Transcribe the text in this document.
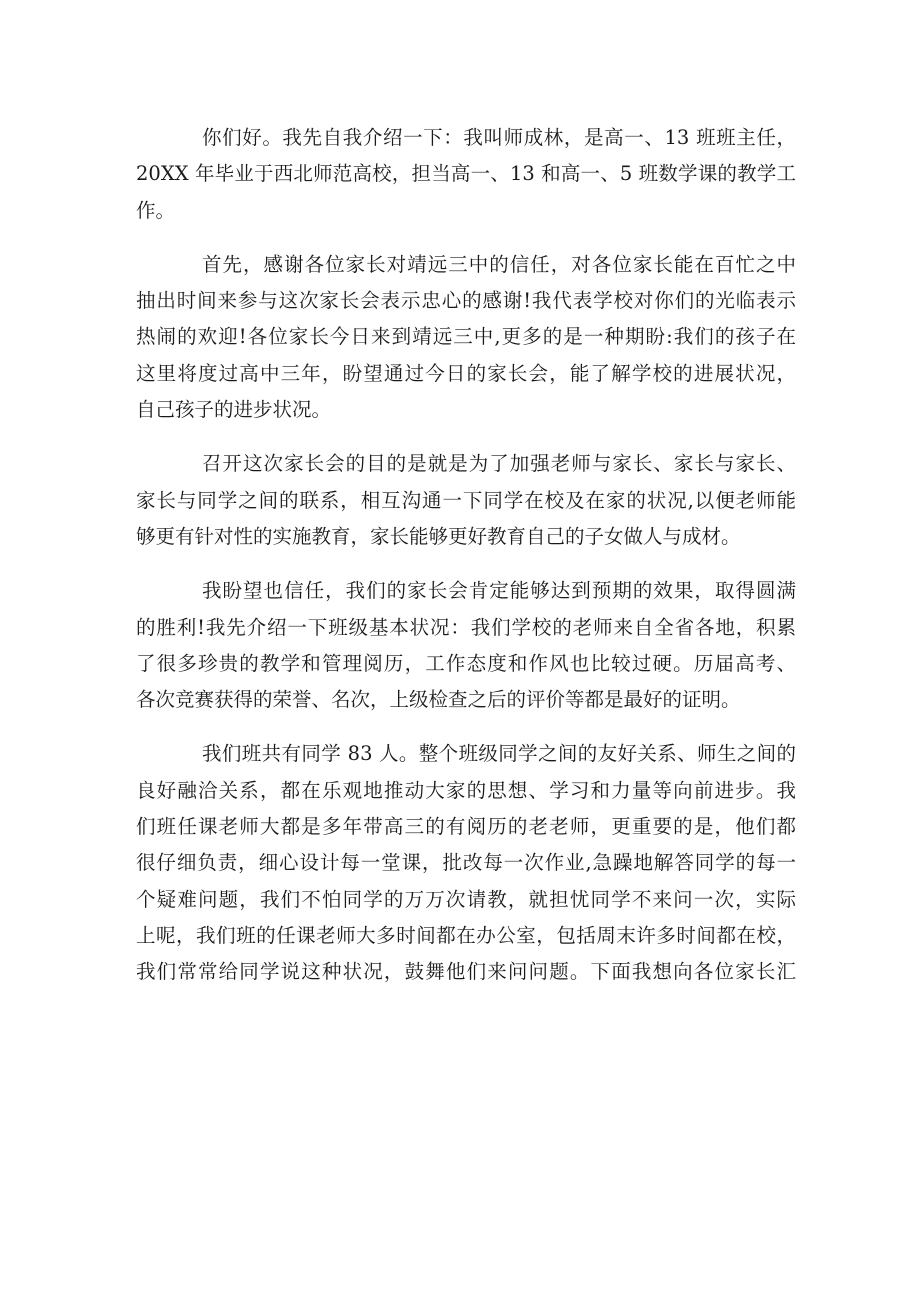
你们好。我先自我介绍一下：我叫师成林，是高一、13 班班主任，
20XX 年毕业于西北师范高校，担当高一、13 和高一、5 班数学课的教学工
作。
首先，感谢各位家长对靖远三中的信任，对各位家长能在百忙之中
抽出时间来参与这次家长会表示忠心的感谢!我代表学校对你们的光临表示
热闹的欢迎!各位家长今日来到靖远三中,更多的是一种期盼:我们的孩子在
这里将度过高中三年，盼望通过今日的家长会，能了解学校的进展状况，
自己孩子的进步状况。
召开这次家长会的目的是就是为了加强老师与家长、家长与家长、
家长与同学之间的联系，相互沟通一下同学在校及在家的状况,以便老师能
够更有针对性的实施教育，家长能够更好教育自己的子女做人与成材。
我盼望也信任，我们的家长会肯定能够达到预期的效果，取得圆满
的胜利!我先介绍一下班级基本状况：我们学校的老师来自全省各地，积累
了很多珍贵的教学和管理阅历，工作态度和作风也比较过硬。历届高考、
各次竞赛获得的荣誉、名次，上级检查之后的评价等都是最好的证明。
我们班共有同学 83 人。整个班级同学之间的友好关系、师生之间的
良好融洽关系，都在乐观地推动大家的思想、学习和力量等向前进步。我
们班任课老师大都是多年带高三的有阅历的老老师，更重要的是，他们都
很仔细负责，细心设计每一堂课，批改每一次作业,急躁地解答同学的每一
个疑难问题，我们不怕同学的万万次请教，就担忧同学不来问一次，实际
上呢，我们班的任课老师大多时间都在办公室，包括周末许多时间都在校，
我们常常给同学说这种状况，鼓舞他们来问问题。下面我想向各位家长汇
